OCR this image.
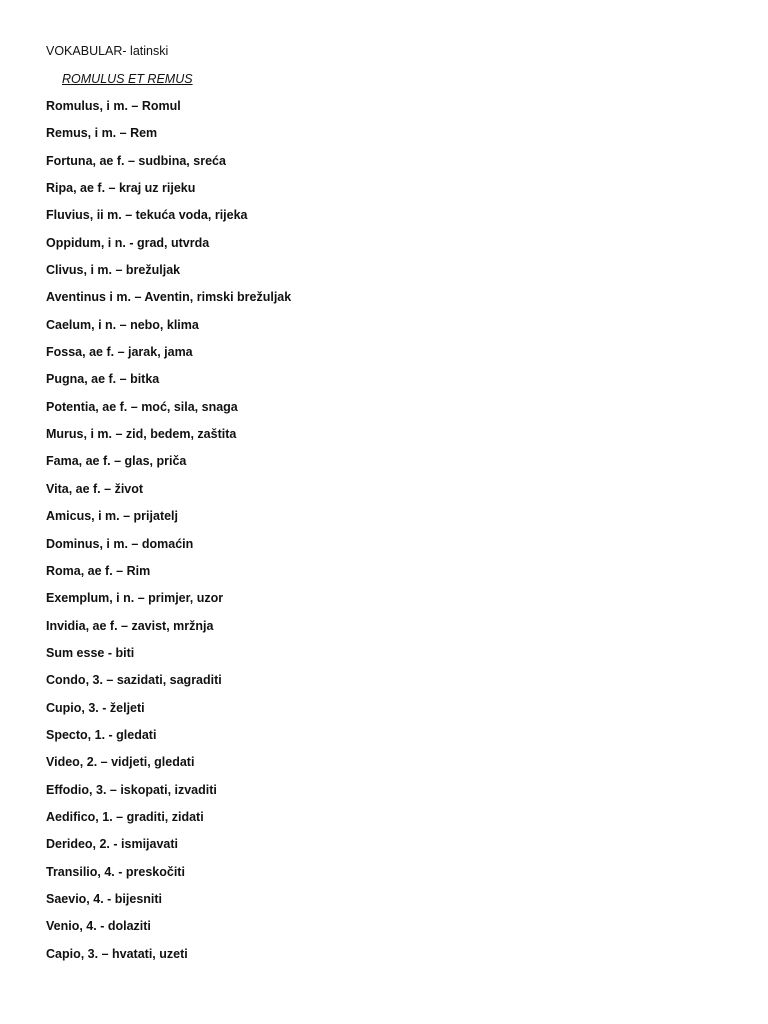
VOKABULAR- latinski
ROMULUS ET REMUS
Romulus, i m. – Romul
Remus, i m. – Rem
Fortuna, ae f. – sudbina, sreća
Ripa, ae f. – kraj uz rijeku
Fluvius, ii m. – tekuća voda, rijeka
Oppidum, i n. - grad, utvrda
Clivus, i m. – brežuljak
Aventinus i m. – Aventin, rimski brežuljak
Caelum, i n. – nebo, klima
Fossa, ae f. – jarak, jama
Pugna, ae f. – bitka
Potentia, ae f. – moć, sila, snaga
Murus, i m. – zid, bedem, zaštita
Fama, ae f. – glas, priča
Vita, ae f. – život
Amicus, i m. – prijatelj
Dominus, i m. – domaćin
Roma, ae f. – Rim
Exemplum, i n. – primjer, uzor
Invidia, ae f. – zavist, mržnja
Sum esse - biti
Condo, 3. – sazidati, sagraditi
Cupio, 3. - željeti
Specto, 1. - gledati
Video, 2. – vidjeti, gledati
Effodio, 3. – iskopati, izvaditi
Aedifico, 1. – graditi, zidati
Derideo, 2. - ismijavati
Transilio, 4. - preskočiti
Saevio, 4. - bijesniti
Venio, 4. - dolaziti
Capio, 3. – hvatati, uzeti
